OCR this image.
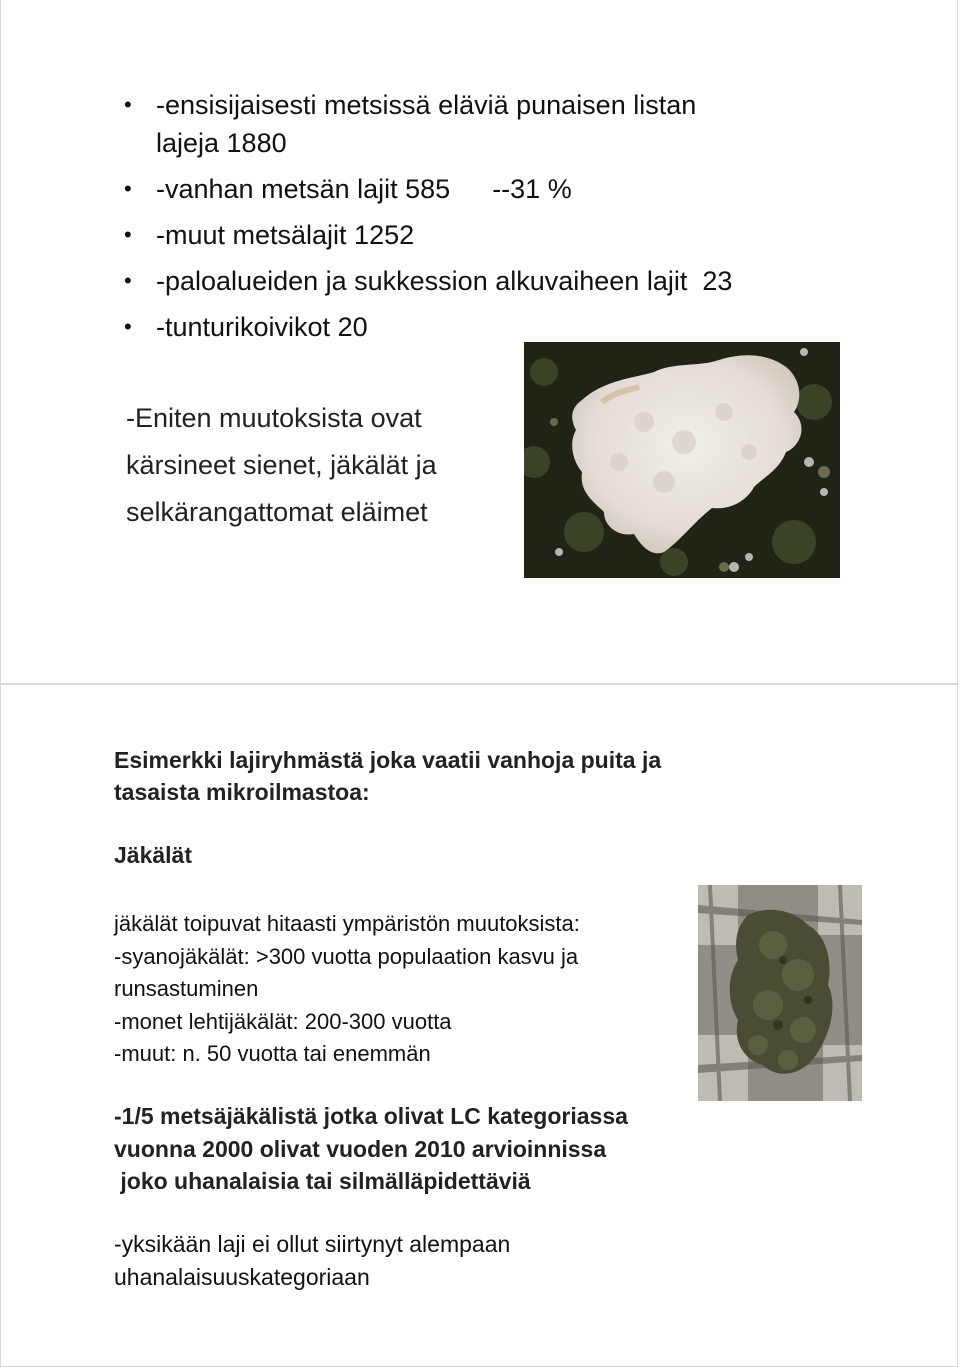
• -ensisijaisesti metsissä eläviä punaisen listan
lajeja 1880
• -vanhan metsän lajit 585 --31 %
• -muut metsälajit 1252
• -paloalueiden ja sukkession alkuvaiheen lajit  23
• -tunturikoivikot 20
-Eniten muutoksista ovat
kärsineet sienet, jäkälät ja
selkärangattomat eläimet
Esimerkki lajiryhmästä joka vaatii vanhoja puita ja
tasaista mikroilmastoa:
Jäkälät
jäkälät toipuvat hitaasti ympäristön muutoksista:
-syanojäkälät: >300 vuotta populaation kasvu ja
runsastuminen
-monet lehtijäkälät: 200-300 vuotta
-muut: n. 50 vuotta tai enemmän
-1/5 metsäjäkälistä jotka olivat LC kategoriassa
vuonna 2000 olivat vuoden 2010 arvioinnissa
joko uhanalaisia tai silmälläpidettäviä
-yksikään laji ei ollut siirtynyt alempaan
uhanalaisuuskategoriaan
